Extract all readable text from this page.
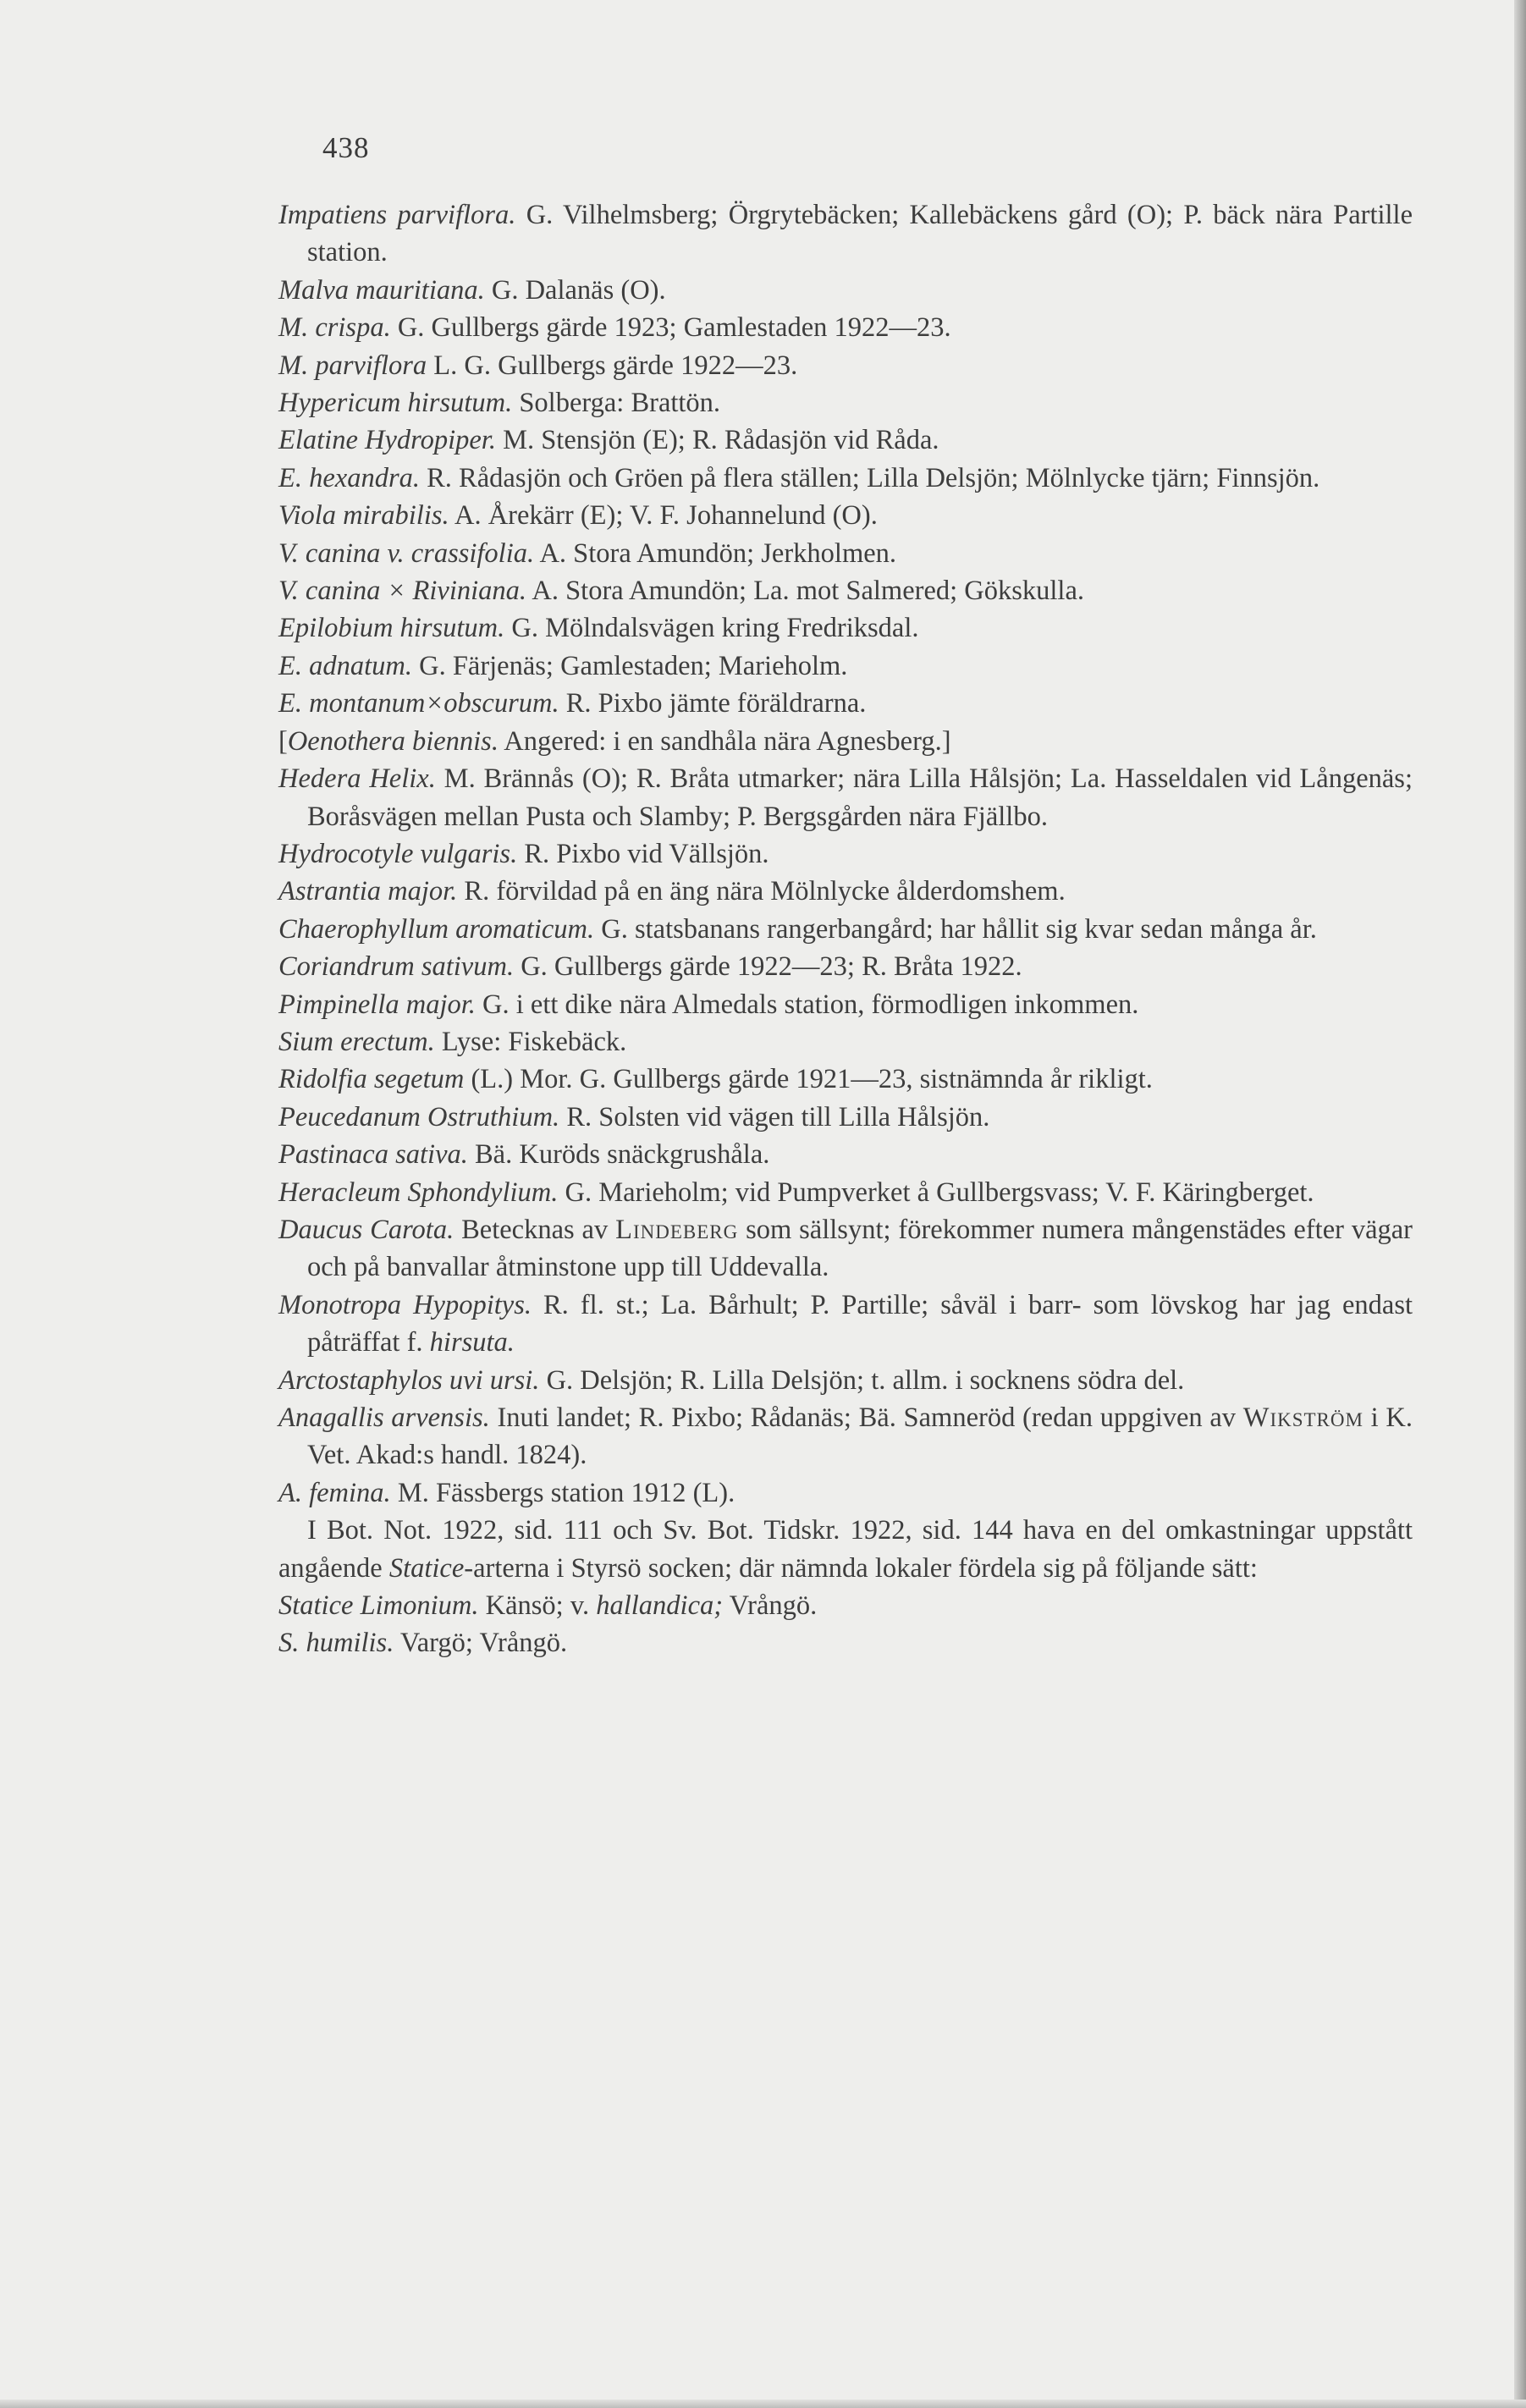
438

Impatiens parviflora. G. Vilhelmsberg; Örgrytebäcken; Kallebäckens gård (O); P. bäck nära Partille station.

Malva mauritiana. G. Dalanäs (O).

M. crispa. G. Gullbergs gärde 1923; Gamlestaden 1922—23.

M. parviflora L. G. Gullbergs gärde 1922—23.

Hypericum hirsutum. Solberga: Brattön.

Elatine Hydropiper. M. Stensjön (E); R. Rådasjön vid Råda.

E. hexandra. R. Rådasjön och Gröen på flera ställen; Lilla Delsjön; Mölnlycke tjärn; Finnsjön.

Viola mirabilis. A. Årekärr (E); V. F. Johannelund (O).

V. canina v. crassifolia. A. Stora Amundön; Jerkholmen.

V. canina × Riviniana. A. Stora Amundön; La. mot Salmered; Gökskulla.

Epilobium hirsutum. G. Mölndalsvägen kring Fredriksdal.

E. adnatum. G. Färjenäs; Gamlestaden; Marieholm.

E. montanum×obscurum. R. Pixbo jämte föräldrarna.

[Oenothera biennis. Angered: i en sandhåla nära Agnesberg.]

Hedera Helix. M. Brännås (O); R. Bråta utmarker; nära Lilla Hålsjön; La. Hasseldalen vid Långenäs; Boråsvägen mellan Pusta och Slamby; P. Bergsgården nära Fjällbo.

Hydrocotyle vulgaris. R. Pixbo vid Vällsjön.

Astrantia major. R. förvildad på en äng nära Mölnlycke ålderdomshem.

Chaerophyllum aromaticum. G. statsbanans rangerbangård; har hållit sig kvar sedan många år.

Coriandrum sativum. G. Gullbergs gärde 1922—23; R. Bråta 1922.

Pimpinella major. G. i ett dike nära Almedals station, förmodligen inkommen.

Sium erectum. Lyse: Fiskebäck.

Ridolfia segetum (L.) Mor. G. Gullbergs gärde 1921—23, sistnämnda år rikligt.

Peucedanum Ostruthium. R. Solsten vid vägen till Lilla Hålsjön.

Pastinaca sativa. Bä. Kuröds snäckgrushåla.

Heracleum Sphondylium. G. Marieholm; vid Pumpverket å Gullbergsvass; V. F. Käringberget.

Daucus Carota. Betecknas av Lindeberg som sällsynt; förekommer numera mångenstädes efter vägar och på banvallar åtminstone upp till Uddevalla.

Monotropa Hypopitys. R. fl. st.; La. Bårhult; P. Partille; såväl i barr- som lövskog har jag endast påträffat f. hirsuta.

Arctostaphylos uvi ursi. G. Delsjön; R. Lilla Delsjön; t. allm. i socknens södra del.

Anagallis arvensis. Inuti landet; R. Pixbo; Rådanäs; Bä. Samneröd (redan uppgiven av Wikström i K. Vet. Akad:s handl. 1824).

A. femina. M. Fässbergs station 1912 (L).

I Bot. Not. 1922, sid. 111 och Sv. Bot. Tidskr. 1922, sid. 144 hava en del omkastningar uppstått angående Statice-arterna i Styrsö socken; där nämnda lokaler fördela sig på följande sätt:

Statice Limonium. Känsö; v. hallandica; Vrångö.

S. humilis. Vargö; Vrångö.
